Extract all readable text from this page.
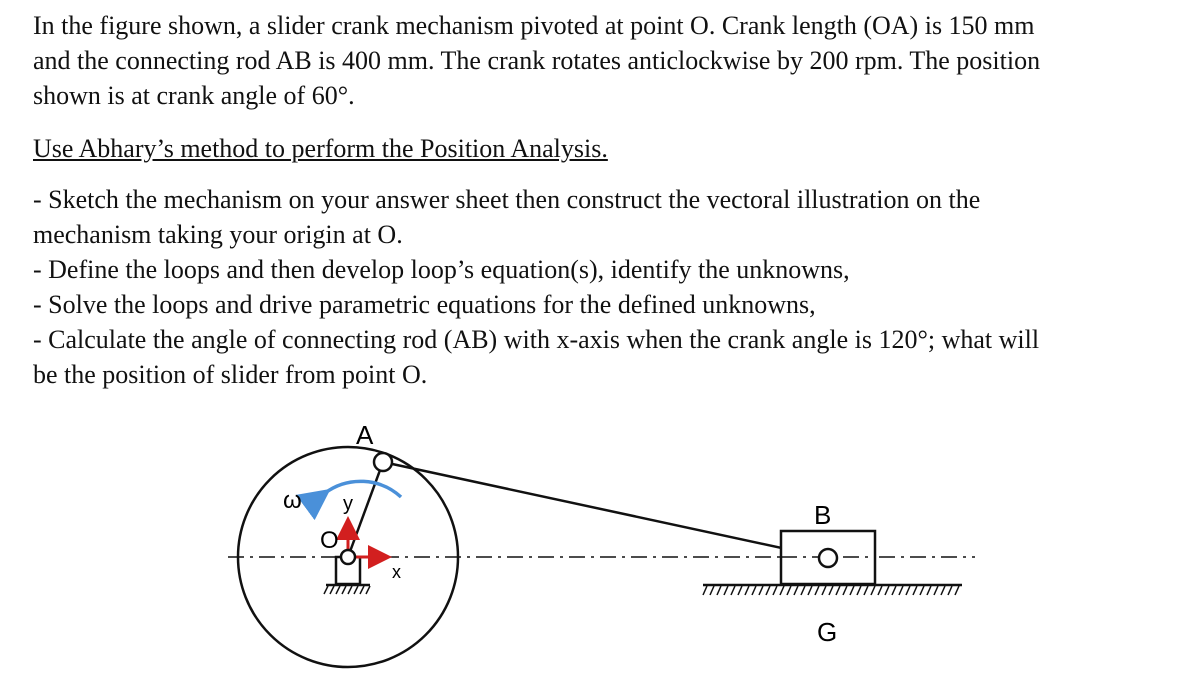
In the figure shown, a slider crank mechanism pivoted at point O. Crank length (OA) is 150 mm
and the connecting rod AB is 400 mm. The crank rotates anticlockwise by 200 rpm. The position
shown is at crank angle of 60°.

Use Abhary’s method to perform the Position Analysis.

- Sketch the mechanism on your answer sheet then construct the vectoral illustration on the
mechanism taking your origin at O.
- Define the loops and then develop loop’s equation(s), identify the unknowns,
- Solve the loops and drive parametric equations for the defined unknowns,
- Calculate the angle of connecting rod (AB) with x-axis when the crank angle is 120°; what will
be the position of slider from point O.

A
B
G
O
ω
x
y
